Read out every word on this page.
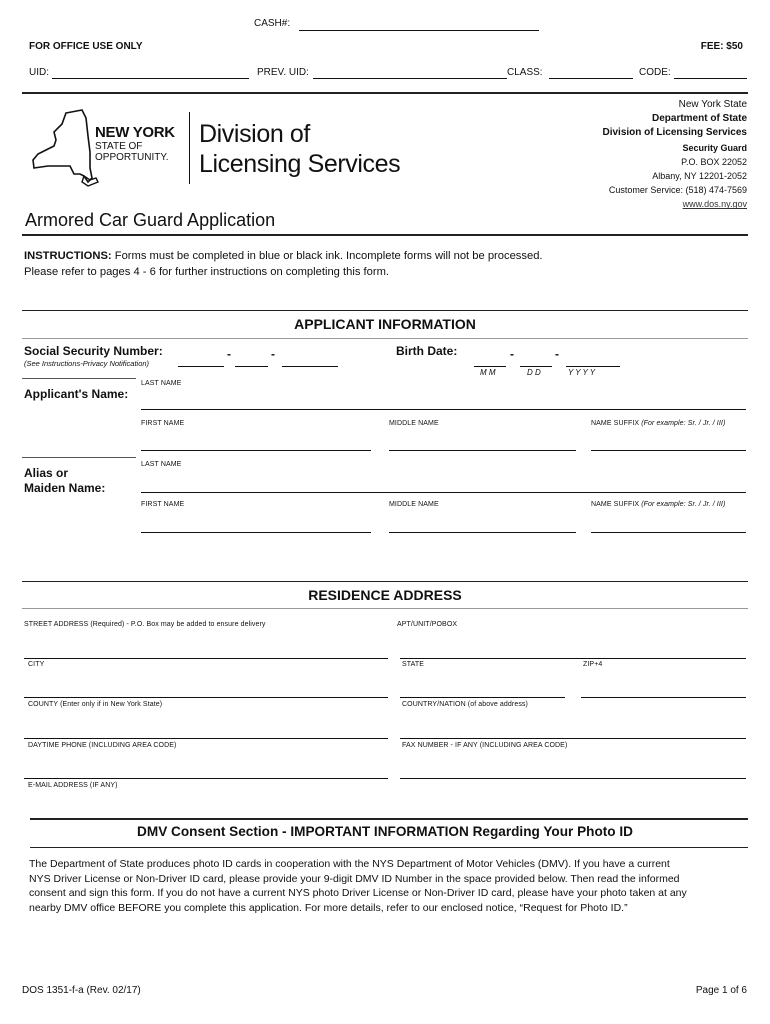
CASH#:
FOR OFFICE USE ONLY	FEE: $50
UID:	PREV. UID:	CLASS:	CODE:
NEW YORK
STATE OF
OPPORTUNITY.
Division of
Licensing Services
New York State
Department of State
Division of Licensing Services
Security Guard
P.O. BOX 22052
Albany, NY 12201-2052
Customer Service: (518) 474-7569
www.dos.ny.gov
Armored Car Guard Application
INSTRUCTIONS: Forms must be completed in blue or black ink. Incomplete forms will not be processed.
Please refer to pages 4 - 6 for further instructions on completing this form.
APPLICANT INFORMATION
Social Security Number:
(See Instructions-Privacy Notification)
-	-	Birth Date:	-	-
M M	D D	Y Y Y Y
LAST NAME
Applicant's Name:
FIRST NAME	MIDDLE NAME	NAME SUFFIX (For example: Sr. / Jr. / III)
LAST NAME
Alias or
Maiden Name:
FIRST NAME	MIDDLE NAME	NAME SUFFIX (For example: Sr. / Jr. / III)
RESIDENCE ADDRESS
STREET ADDRESS (Required) - P.O. Box may be added to ensure delivery	APT/UNIT/POBOX
CITY	STATE	ZIP+4
COUNTY (Enter only if in New York State)	COUNTRY/NATION (of above address)
DAYTIME PHONE (INCLUDING AREA CODE)	FAX NUMBER - IF ANY (INCLUDING AREA CODE)
E-MAIL ADDRESS (IF ANY)
DMV Consent Section - IMPORTANT INFORMATION Regarding Your Photo ID
The Department of State produces photo ID cards in cooperation with the NYS Department of Motor Vehicles (DMV). If you have a current
NYS Driver License or Non-Driver ID card, please provide your 9-digit DMV ID Number in the space provided below. Then read the informed
consent and sign this form. If you do not have a current NYS photo Driver License or Non-Driver ID card, please have your photo taken at any
nearby DMV office BEFORE you complete this application. For more details, refer to our enclosed notice, “Request for Photo ID.”
DOS 1351-f-a (Rev. 02/17)	Page 1 of 6
